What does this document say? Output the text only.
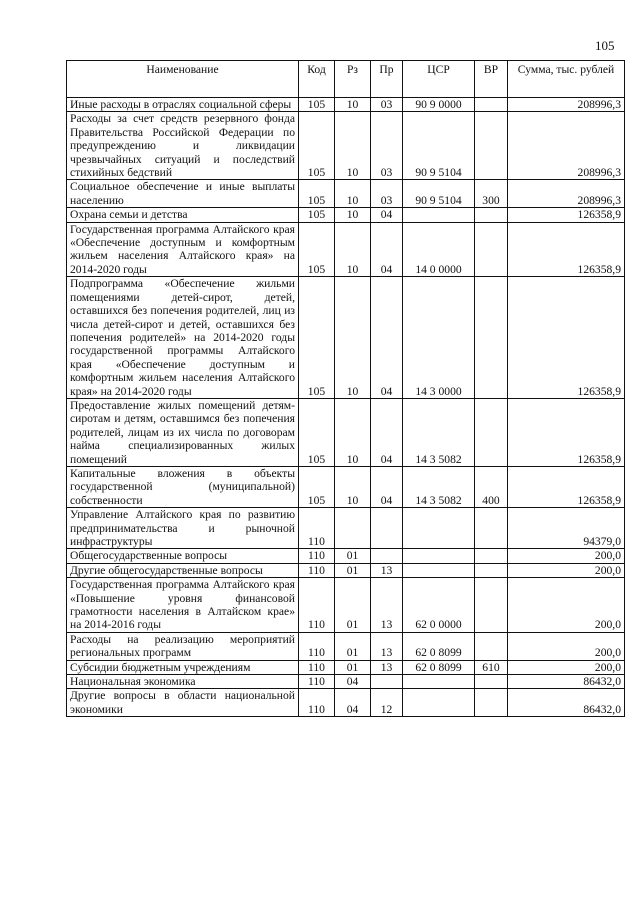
105
Наименование	Код	Рз	Пр	ЦСР	ВР	Сумма, тыс. рублей
Иные расходы в отраслях социальной сферы	105	10	03	90 9 0000		208996,3
Расходы за счет средств резервного фонда Правительства Российской Федерации по предупреждению и ликвидации чрезвычайных ситуаций и последствий стихийных бедствий	105	10	03	90 9 5104		208996,3
Социальное обеспечение и иные выплаты населению	105	10	03	90 9 5104	300	208996,3
Охрана семьи и детства	105	10	04			126358,9
Государственная программа Алтайского края «Обеспечение доступным и комфортным жильем населения Алтайского края» на 2014-2020 годы	105	10	04	14 0 0000		126358,9
Подпрограмма «Обеспечение жильми помещениями детей-сирот, детей, оставшихся без попечения родителей, лиц из числа детей-сирот и детей, оставшихся без попечения родителей» на 2014-2020 годы государственной программы Алтайского края «Обеспечение доступным и комфортным жильем населения Алтайского края» на 2014-2020 годы	105	10	04	14 3 0000		126358,9
Предоставление жилых помещений детям-сиротам и детям, оставшимся без попечения родителей, лицам из их числа по договорам найма специализированных жилых помещений	105	10	04	14 3 5082		126358,9
Капитальные вложения в объекты государственной (муниципальной) собственности	105	10	04	14 3 5082	400	126358,9
Управление Алтайского края по развитию предпринимательства и рыночной инфраструктуры	110					94379,0
Общегосударственные вопросы	110	01				200,0
Другие общегосударственные вопросы	110	01	13			200,0
Государственная программа Алтайского края «Повышение уровня финансовой грамотности населения в Алтайском крае» на 2014-2016 годы	110	01	13	62 0 0000		200,0
Расходы на реализацию мероприятий региональных программ	110	01	13	62 0 8099		200,0
Субсидии бюджетным учреждениям	110	01	13	62 0 8099	610	200,0
Национальная экономика	110	04				86432,0
Другие вопросы в области национальной экономики	110	04	12			86432,0
